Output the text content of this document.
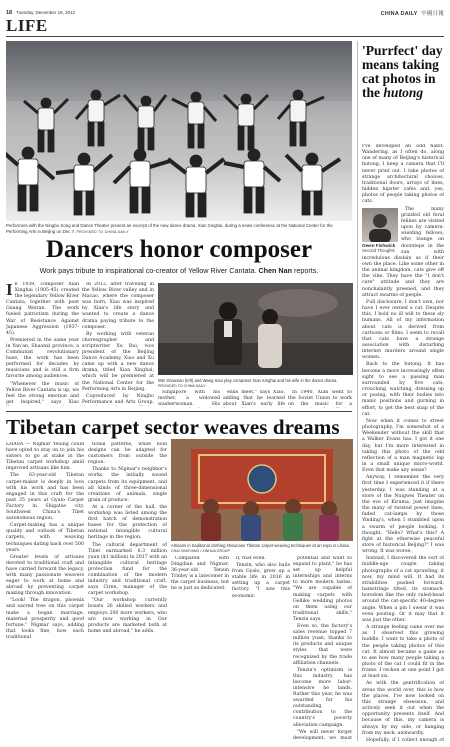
18 Tuesday, December 18, 2012	CHINA DAILY 中國日報
LIFE
Performers with the Ningbo Song and Dance Theater present an excerpt of the new dance drama, Xian Xinghai, during a news conference at the National Center for the Performing Arts in Beijing on Dec 7. PROVIDED TO CHINA DAILY
Dancers honor composer
Work pays tribute to inspirational co-creator of Yellow River Cantata. Chen Nan reports.
I n 1939, composer Xian Xinghai (1905-45) created the legendary Yellow River Cantata, together with poet Guang Weiran. The work fueled patriotism during the War of Resistance Against Japanese Aggression (1937-45).

Premiered in the same year in Yan'an, Shaanxi province, a Communist revolutionary base, the work has been performed for decades by musicians and is still a firm favorite among audiences.

"Whenever the music of Yellow River Cantata is up, we feel the strong emotion and get inspired," says Xiao

In 2012, after traveling in the Yellow River valley and in Macao, where the composer was born, Xiao was inspired by Xian's life story and wanted to create a dance drama paying tribute to the composer.

By working with veteran choreographer and scriptwriter Xu Rui, vice president of the Beijing Dance Academy, Xiao and Xu came up with a new dance drama, titled Xian Xinghai, which will be premiered at the National Center for the Performing Arts in Beijing.

Coproduced by Ningbo Performance and Arts Group,

Wei Shaoxian (left) and Wang Xiao play composer Xian Xinghai and his wife in the dance drama. PROVIDED TO CHINA DAILY

Singapore with his mother, a widowed washerwoman. His

ends meet," says Xiao, adding that he learned about Xian's early life

In 1940, Xian went to the Soviet Union to work on the music for a

'Purrfect' day means taking cat photos in the hutong

I've developed an odd habit. Wandering, as I often do, along one of many of Beijing's historical hutong, I keep a camera that I'll never print out. I take photos of strange architectural choices, traditional doors, arrays of lines, hidden hipster cafés and, yes, photos of people taking photos of cats.

Owen Fishwick
Second Thoughts

The many grizzled old feral felines are visited upon by camera-wielding fellows, who lounge on doorsteps in the sun with incredulous disdain as if their own the place. Like some other in the animal kingdom, cats give off the vibe. They have the "I don't care" attitude and they are nonchalantly preened, and they attract swarms of people.

Full disclosure, I don't own, nor have I ever owned a cat. Despite this, I hold no ill will to these sly humans. All of my information about cats is derived from cartoons or films. I seem to recall that cats have a strange association with disturbing internet murders around single women.

Back to the hutong. It has become a more increasingly often sight to see a passing man surrounded by five cats, crouching, watching, dressing up or posing, with their bodies into manic positions and gurning in effort, to get the best snap of the cat.

Now when it comes to street photography, I'm somewhat of a Weekender without the skill that a Walker Evans has. I got it one day, but I'm more interested in taking this photo of the odd reflection of a man magnetic lap in a small unique micro-world. Even that make any sense?

Anyway, I remember the very first time I experienced it if there yesterday. I was standing at a store of the Nuigwei Theater on the eve of Kiruma, just imagine the many of twisted power lines, faded cat-lamps by those Yinding's, when I stumbled upon a swarm of people looking. I thought, "Hello? What's this? A fight at the otherwise peaceful store of historical Beijing?" I was wrong. It was worse.

Instead, I discovered the sort of middle-age couple taking photographs of a cat sprawling, it now, my mind will. It had its strabilities pushed forward, hamstrings tilted, its stomach-boredom like the only ruled-head around the cat-specific 40-degree angle. When a pin I swear it was even pouting. Or it may that it was just the other.

A strange feeling came over me as I observed this growing huddle. I want to take a photo of the people taking photos of this cat. It almost became a game as to see how many people taking a photo of the cat I could fit in the frame. I reckon at one point I got at least six.

As with the gentrification of areas the world over, this is how the places. I've now looked on this strange obsession, and actively seek it out when the opportunity presents itself. And because of this, my camera is always by my side, or hanging from my neck, awkwardly.

Hopefully, if I collect enough of

Tibetan carpet sector weaves dreams

LHASA — Nigmar Yeuing could have opted to stay on to join his sisters to go at stake in the Tibetan carpet workshop amid improved artisans like him.

The 63-year-old Tibetan carpet-maker is deeply in love with his work and has been engaged in this craft for the past 35 years at Gyalo Carpet Factory in Shigatse city, Southwest China's Tibet autonomous region.

Carpet-making has a unique quality and outlook of Tibetan carpets, with weaving techniques dating back over 500 years.

Greater levels of artisans devoted to traditional craft and have carried forward the legacy, with many passionate weavers eager to work at home and abroad by preventing carpet making through innovation.

"Look! The dragon, phoenix and sacred tree on this carpet make a bogan marriage, maternal prosperity and good fortune," Nigmar says, adding that looks fine, how each traditional

tional patterns, while bold designs can be adapted for customers from outside the region.

Thanks to Nigmar's neighbor's works, the initially wooed carpets from its equipment, and all kinds of three-dimensional creations of animals, single grain of produce.

At a corner of the hall, the workshop was listed among the first batch of demonstration bases for the protection of national intangible cultural heritage in the region.

The cultural department of Tibet earmarked 6.3 million yuan ($1 million) in 2017 with an intangible cultural heritage protection fund for the combination of the modern industry and traditional craft, says Ciren, manager of the carpet workshop.

"Our workshop currently boasts 26 skilled workers and employs 200 more workers, who are now working in Our products are marketed both at home and abroad," he adds.

Artisans in traditional clothing showcase Tibetan carpet-weaving techniques at an expo in Lhasa. CHAI XINGYANG / XINHUA GROUP

Compared with Dingdian and Nigmar, 36-year-old Tenzin Trinley is a latecomer in the carpet business, but he is just as dedicated.

if, that even.

Tenzin, who also hails from Gyalo, grew up a stable life in 2016 in setting up a carpet factory. "I saw this economic

potential and want to expand to plant," he has set up helpful internships and interns to more modern tastes. "We are capable of making carpets with Gellike wedding photos on them using our traditional skills," Tenzin says.

Even so, the factory's sales revenue topped 7 million yuan, thanks to its products and unique styles that were recognized by the trade affiliation channels.

Tenzin's optimism is this industry has become more labor-intensive he lands. Rather this year, he was awarded for his outstanding contribution to the country's poverty alleviation campaign.

"We will never forget development, we must
